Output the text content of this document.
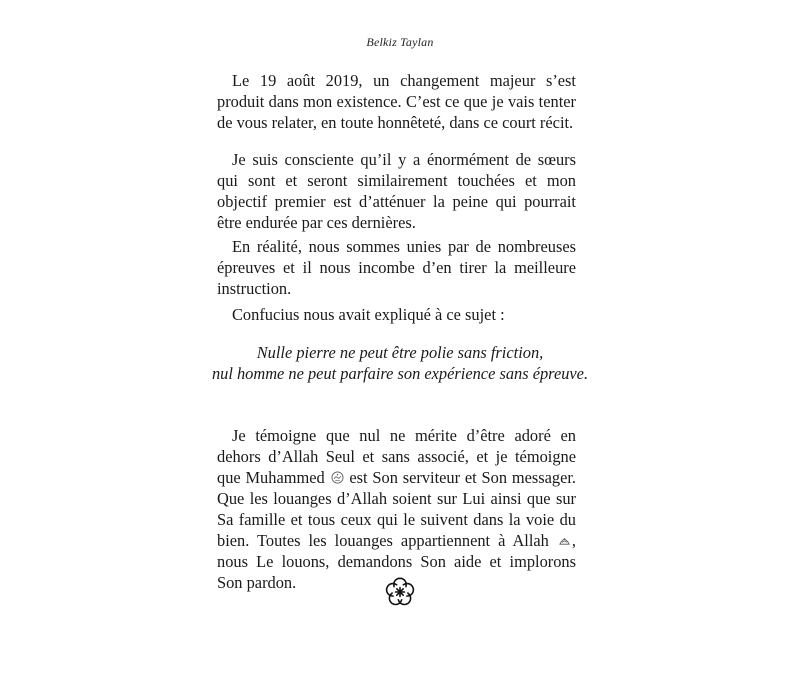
Belkiz Taylan

Le 19 août 2019, un changement majeur s’est produit dans mon existence. C’est ce que je vais tenter de vous relater, en toute honnêteté, dans ce court récit.

Je suis consciente qu’il y a énormément de sœurs qui sont et seront similairement touchées et mon objectif premier est d’atténuer la peine qui pourrait être endurée par ces dernières.

En réalité, nous sommes unies par de nombreuses épreuves et il nous incombe d’en tirer la meilleure instruction.

Confucius nous avait expliqué à ce sujet :

Nulle pierre ne peut être polie sans friction,
nul homme ne peut parfaire son expérience sans épreuve.

Je témoigne que nul ne mérite d’être adoré en dehors d’Allah Seul et sans associé, et je témoigne que Muhammed est Son serviteur et Son messager. Que les louanges d’Allah soient sur Lui ainsi que sur Sa famille et tous ceux qui le suivent dans la voie du bien. Toutes les louanges appartiennent à Allah , nous Le louons, demandons Son aide et implorons Son pardon.
